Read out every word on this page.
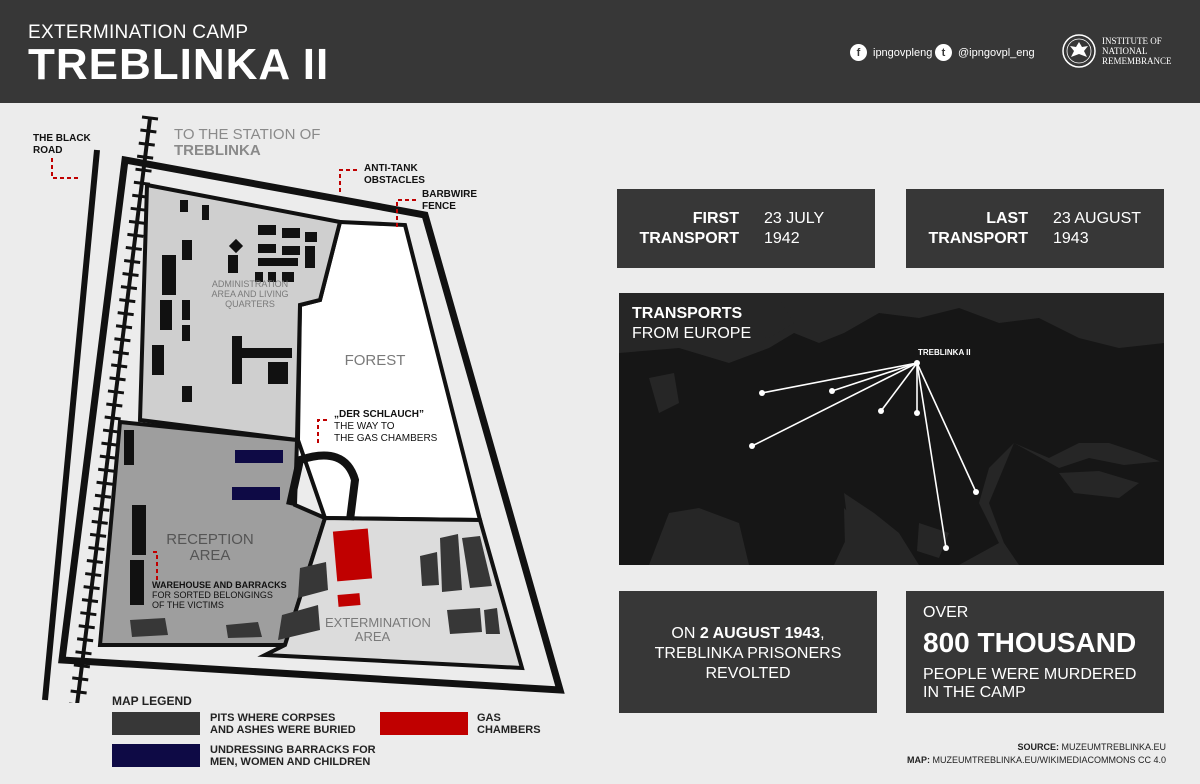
EXTERMINATION CAMP
TREBLINKA II	f	ipngovpleng t	@ipngovpl_eng
INSTITUTE OF
NATIONAL
REMEMBRANCE
TO THE STATION OF
TREBLINKA
THE BLACK
ROAD
ANTI-TANK
OBSTACLES
BARBWIRE
FENCE
ADMINISTRATION
AREA AND LIVING
QUARTERS
FOREST
„DER SCHLAUCH”
THE WAY TO
THE GAS CHAMBERS
RECEPTION
AREA
WAREHOUSE AND BARRACKS
FOR SORTED BELONGINGS
OF THE VICTIMS
EXTERMINATION
AREA
MAP LEGEND
PITS WHERE CORPSES
AND ASHES WERE BURIED
UNDRESSING BARRACKS FOR
MEN, WOMEN AND CHILDREN
GAS
CHAMBERS
FIRST
TRANSPORT
23 JULY
1942
LAST
TRANSPORT
23 AUGUST
1943
TRANSPORTS
FROM EUROPE
TREBLINKA II
ON 2 AUGUST 1943,
TREBLINKA PRISONERS
REVOLTED
OVER
800 THOUSAND
PEOPLE WERE MURDERED
IN THE CAMP
SOURCE: MUZEUMTREBLINKA.EU
MAP: MUZEUMTREBLINKA.EU/WIKIMEDIACOMMONS CC 4.0
